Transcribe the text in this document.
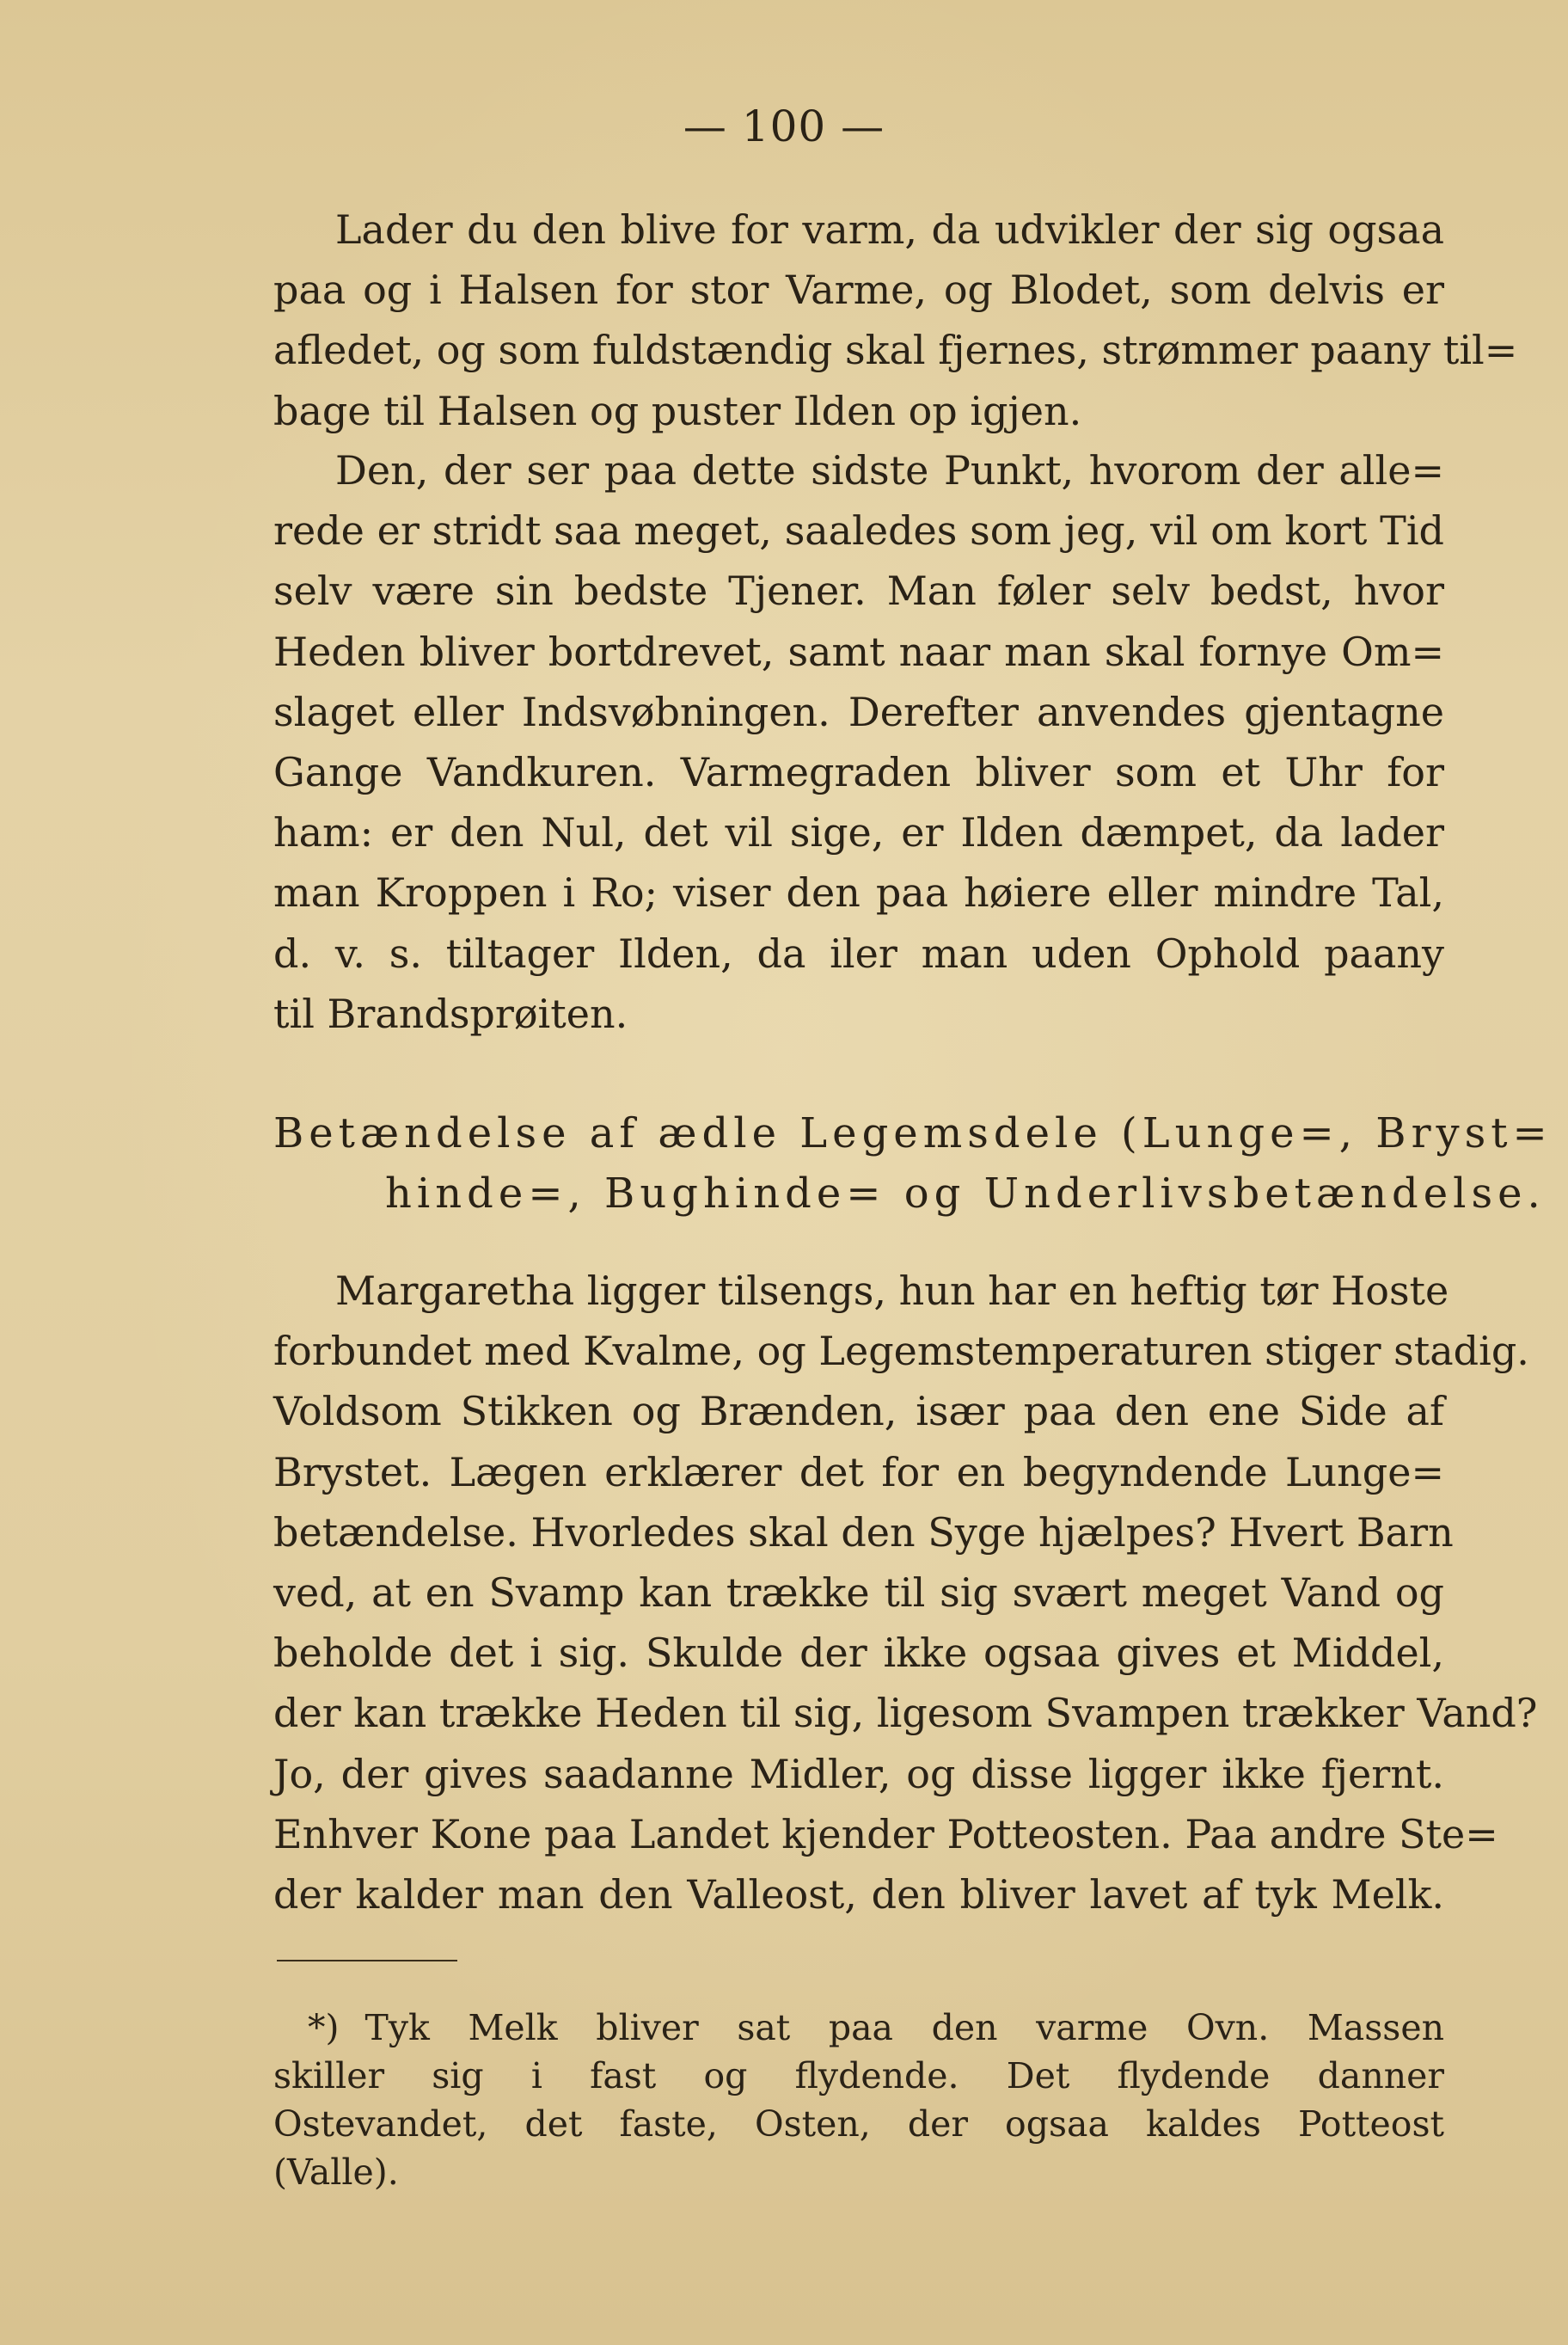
— 100 —
Lader du den blive for varm, da udvikler der sig ogsaa
paa og i Halsen for stor Varme, og Blodet, som delvis er
afledet, og som fuldstændig skal fjernes, strømmer paany til=
bage til Halsen og puster Ilden op igjen.
Den, der ser paa dette sidste Punkt, hvorom der alle=
rede er stridt saa meget, saaledes som jeg, vil om kort Tid
selv være sin bedste Tjener. Man føler selv bedst, hvor
Heden bliver bortdrevet, samt naar man skal fornye Om=
slaget eller Indsvøbningen. Derefter anvendes gjentagne
Gange Vandkuren. Varmegraden bliver som et Uhr for
ham: er den Nul, det vil sige, er Ilden dæmpet, da lader
man Kroppen i Ro; viser den paa høiere eller mindre Tal,
d. v. s. tiltager Ilden, da iler man uden Ophold paany
til Brandsprøiten.
Betændelse af ædle Legemsdele (Lunge=, Bryst=
hinde=, Bughinde= og Underlivsbetændelse.
Margaretha ligger tilsengs, hun har en heftig tør Hoste
forbundet med Kvalme, og Legemstemperaturen stiger stadig.
Voldsom Stikken og Brænden, især paa den ene Side af
Brystet. Lægen erklærer det for en begyndende Lunge=
betændelse. Hvorledes skal den Syge hjælpes? Hvert Barn
ved, at en Svamp kan trække til sig svært meget Vand og
beholde det i sig. Skulde der ikke ogsaa gives et Middel,
der kan trække Heden til sig, ligesom Svampen trækker Vand?
Jo, der gives saadanne Midler, og disse ligger ikke fjernt.
Enhver Kone paa Landet kjender Potteosten. Paa andre Ste=
der kalder man den Valleost, den bliver lavet af tyk Melk.
*) Tyk Melk bliver sat paa den varme Ovn. Massen
skiller sig i fast og flydende. Det flydende danner
Ostevandet, det faste, Osten, der ogsaa kaldes Potteost
(Valle).
